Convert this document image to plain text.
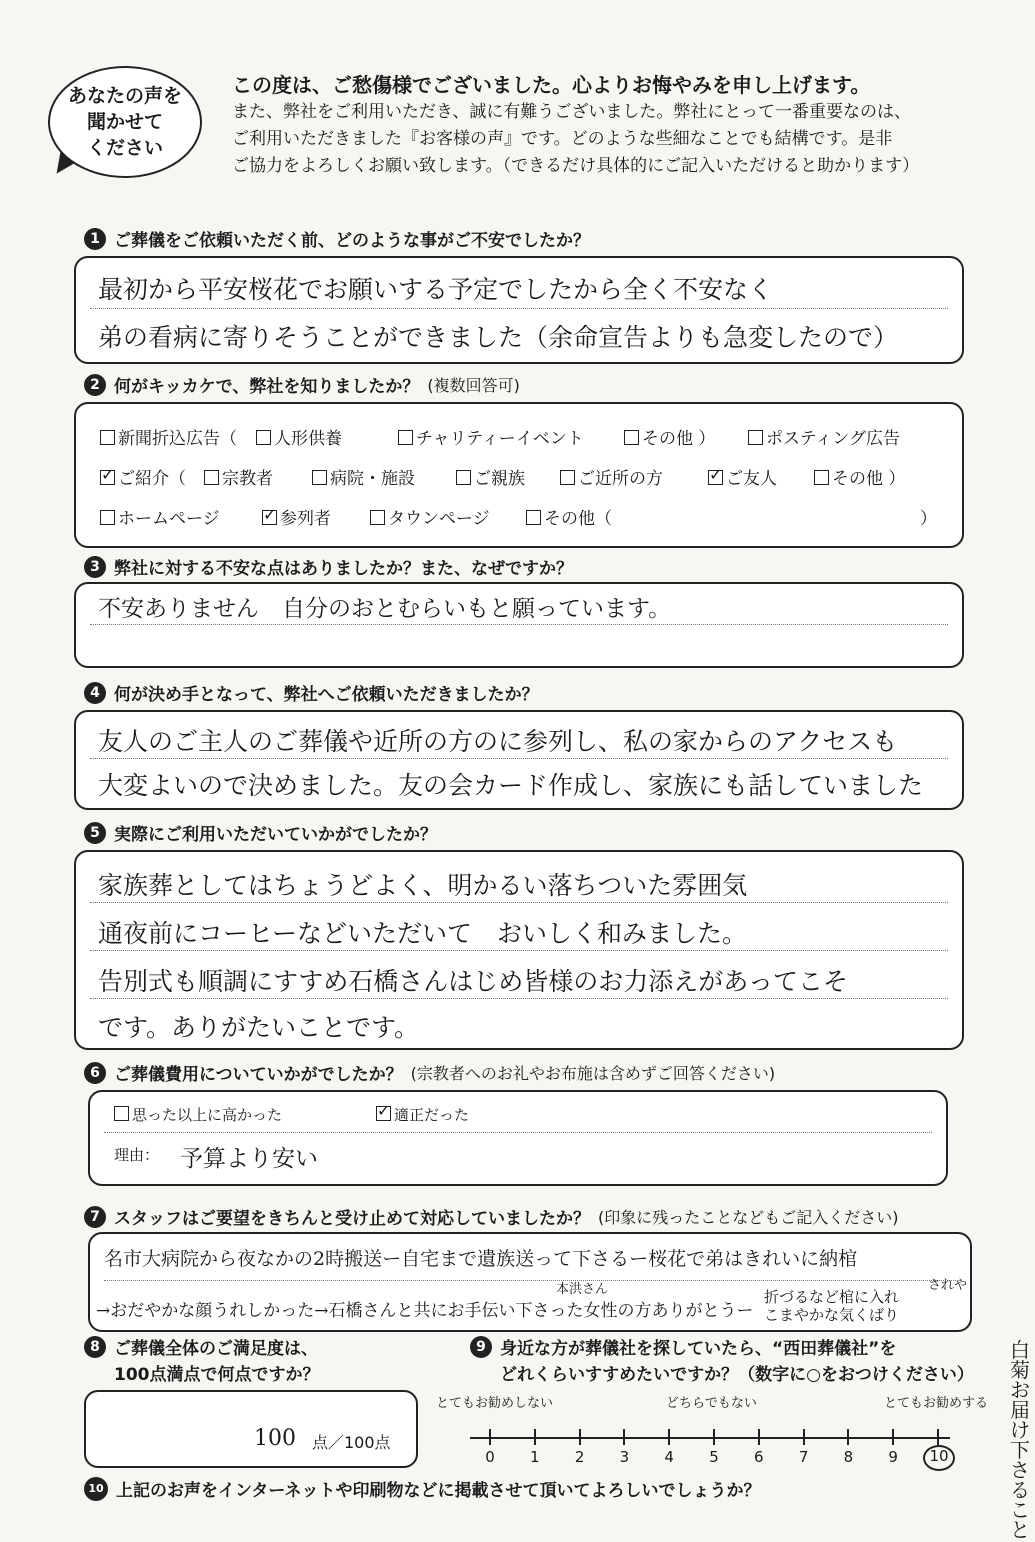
あなたの声を
聞かせて
ください
この度は、ご愁傷様でございました。心よりお悔やみを申し上げます。
また、弊社をご利用いただき、誠に有難うございました。弊社にとって一番重要なのは、
ご利用いただきました『お客様の声』です。どのような些細なことでも結構です。是非
ご協力をよろしくお願い致します。（できるだけ具体的にご記入いただけると助かります）
1 ご葬儀をご依頼いただく前、どのような事がご不安でしたか？
最初から平安桜花でお願いする予定でしたから全く不安なく
弟の看病に寄りそうことができました（余命宣告よりも急変したので）
2 何がキッカケで、弊社を知りましたか？ (複数回答可)
新聞折込広告（	人形供養	チャリティーイベント	その他 ）	ポスティング広告
✓ご紹介（	宗教者	病院・施設	ご親族	ご近所の方 ✓	ご友人	その他 ）
ホームページ ✓	参列者	タウンページ	その他（	）
3 弊社に対する不安な点はありましたか？また、なぜですか？
不安ありません　自分のおとむらいもと願っています。
4 何が決め手となって、弊社へご依頼いただきましたか？
友人のご主人のご葬儀や近所の方のに参列し、私の家からのアクセスも
大変よいので決めました。友の会カード作成し、家族にも話していました
5 実際にご利用いただいていかがでしたか？
家族葬としてはちょうどよく、明かるい落ちついた雰囲気
通夜前にコーヒーなどいただいて　おいしく和みました。
告別式も順調にすすめ石橋さんはじめ皆様のお力添えがあってこそ
です。ありがたいことです。
6 ご葬儀費用についていかがでしたか？ (宗教者へのお礼やお布施は含めずご回答ください)
思った以上に高かった ✓	適正だった
理由： 予算より安い
7 スタッフはご要望をきちんと受け止めて対応していましたか？ (印象に残ったことなどもご記入ください)
名市大病院から夜なかの2時搬送ー自宅まで遺族送って下さるー桜花で弟はきれいに納棺
→おだやかな顔うれしかった→石橋さんと共にお手伝い下さった女性の方ありがとうー
本洪さん	折づるなど棺に入れ
こまやかな気くばり
されや
白菊お届け下さること
8 ご葬儀全体のご満足度は、
100点満点で何点ですか？
100 点／100点
9 身近な方が葬儀社を探していたら、“西田葬儀社”を
どれくらいすすめたいですか？（数字に○をおつけください）
とてもお勧めしない	どちらでもない	とてもお勧めする
10 上記のお声をインターネットや印刷物などに掲載させて頂いてよろしいでしょうか？
0	1	2	3	4	5	6	7	8	9	10
